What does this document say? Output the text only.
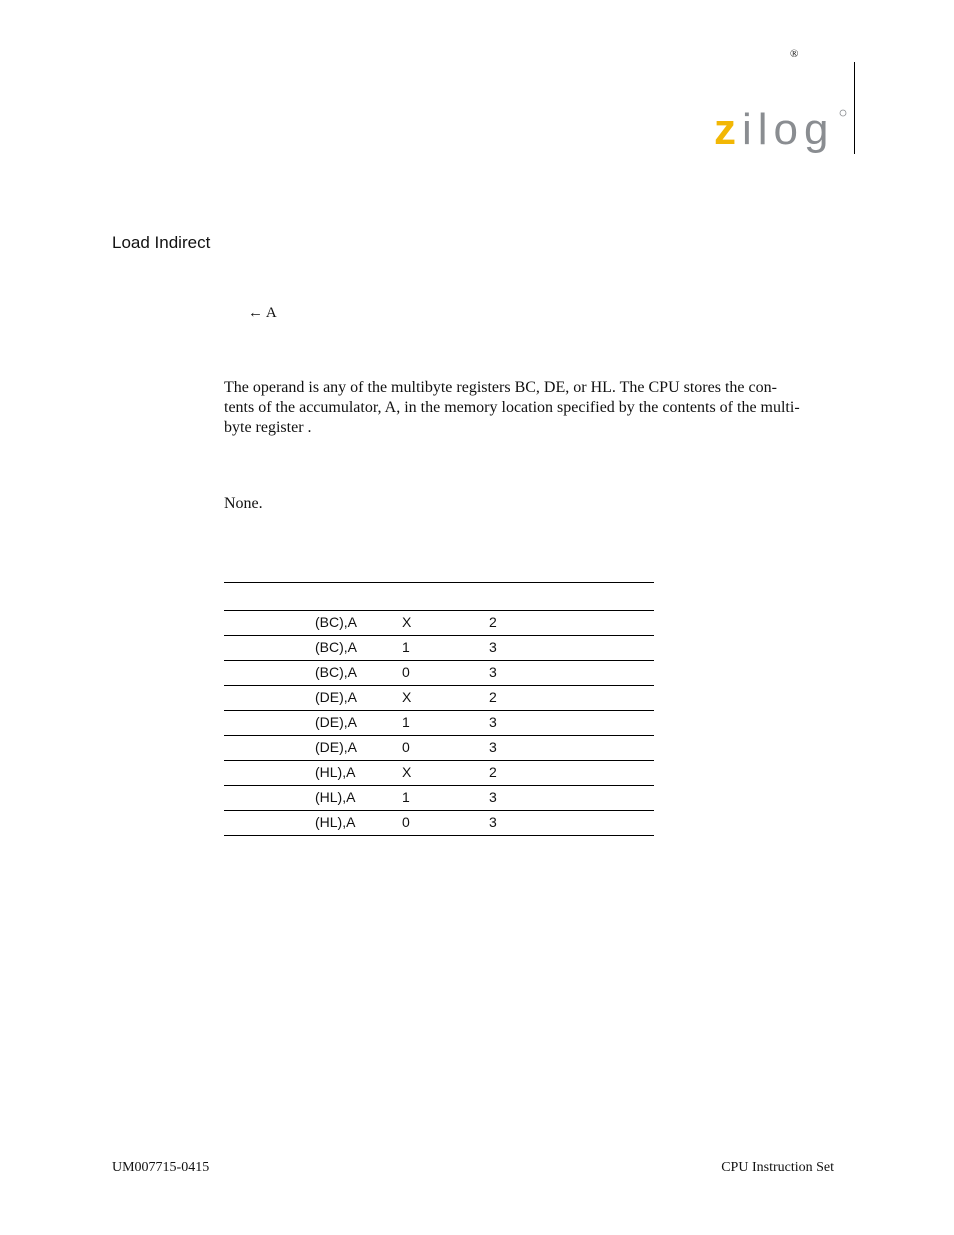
®
z ilog
Load Indirect
← A

The operand is any of the multibyte registers BC, DE, or HL. The CPU stores the con-

tents of the accumulator, A, in the memory location specified by the contents of the multi-

byte register .

None.
(BC),A	X	2
(BC),A	1	3
(BC),A	0	3
(DE),A	X	2
(DE),A	1	3
(DE),A	0	3
(HL),A	X	2
(HL),A	1	3
(HL),A	0	3
UM007715-0415	CPU Instruction Set
